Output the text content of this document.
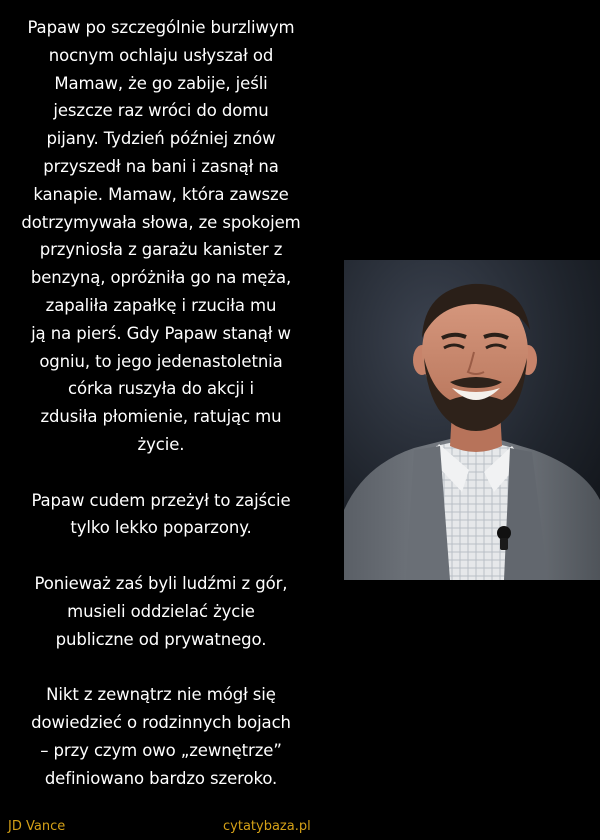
Papaw po szczególnie burzliwym
nocnym ochlaju usłyszał od
Mamaw, że go zabije, jeśli
jeszcze raz wróci do domu
pijany. Tydzień później znów
przyszedł na bani i zasnął na
kanapie. Mamaw, która zawsze
dotrzymywała słowa, ze spokojem
przyniosła z garażu kanister z
benzyną, opróżniła go na męża,
zapaliła zapałkę i rzuciła mu
ją na pierś. Gdy Papaw stanął w
ogniu, to jego jedenastoletnia
córka ruszyła do akcji i
zdusiła płomienie, ratując mu
życie.

Papaw cudem przeżył to zajście
tylko lekko poparzony.

Ponieważ zaś byli ludźmi z gór,
musieli oddzielać życie
publiczne od prywatnego.

Nikt z zewnątrz nie mógł się
dowiedzieć o rodzinnych bojach
– przy czym owo „zewnętrze”
definiowano bardzo szeroko.

JD Vance	cytatybaza.pl
